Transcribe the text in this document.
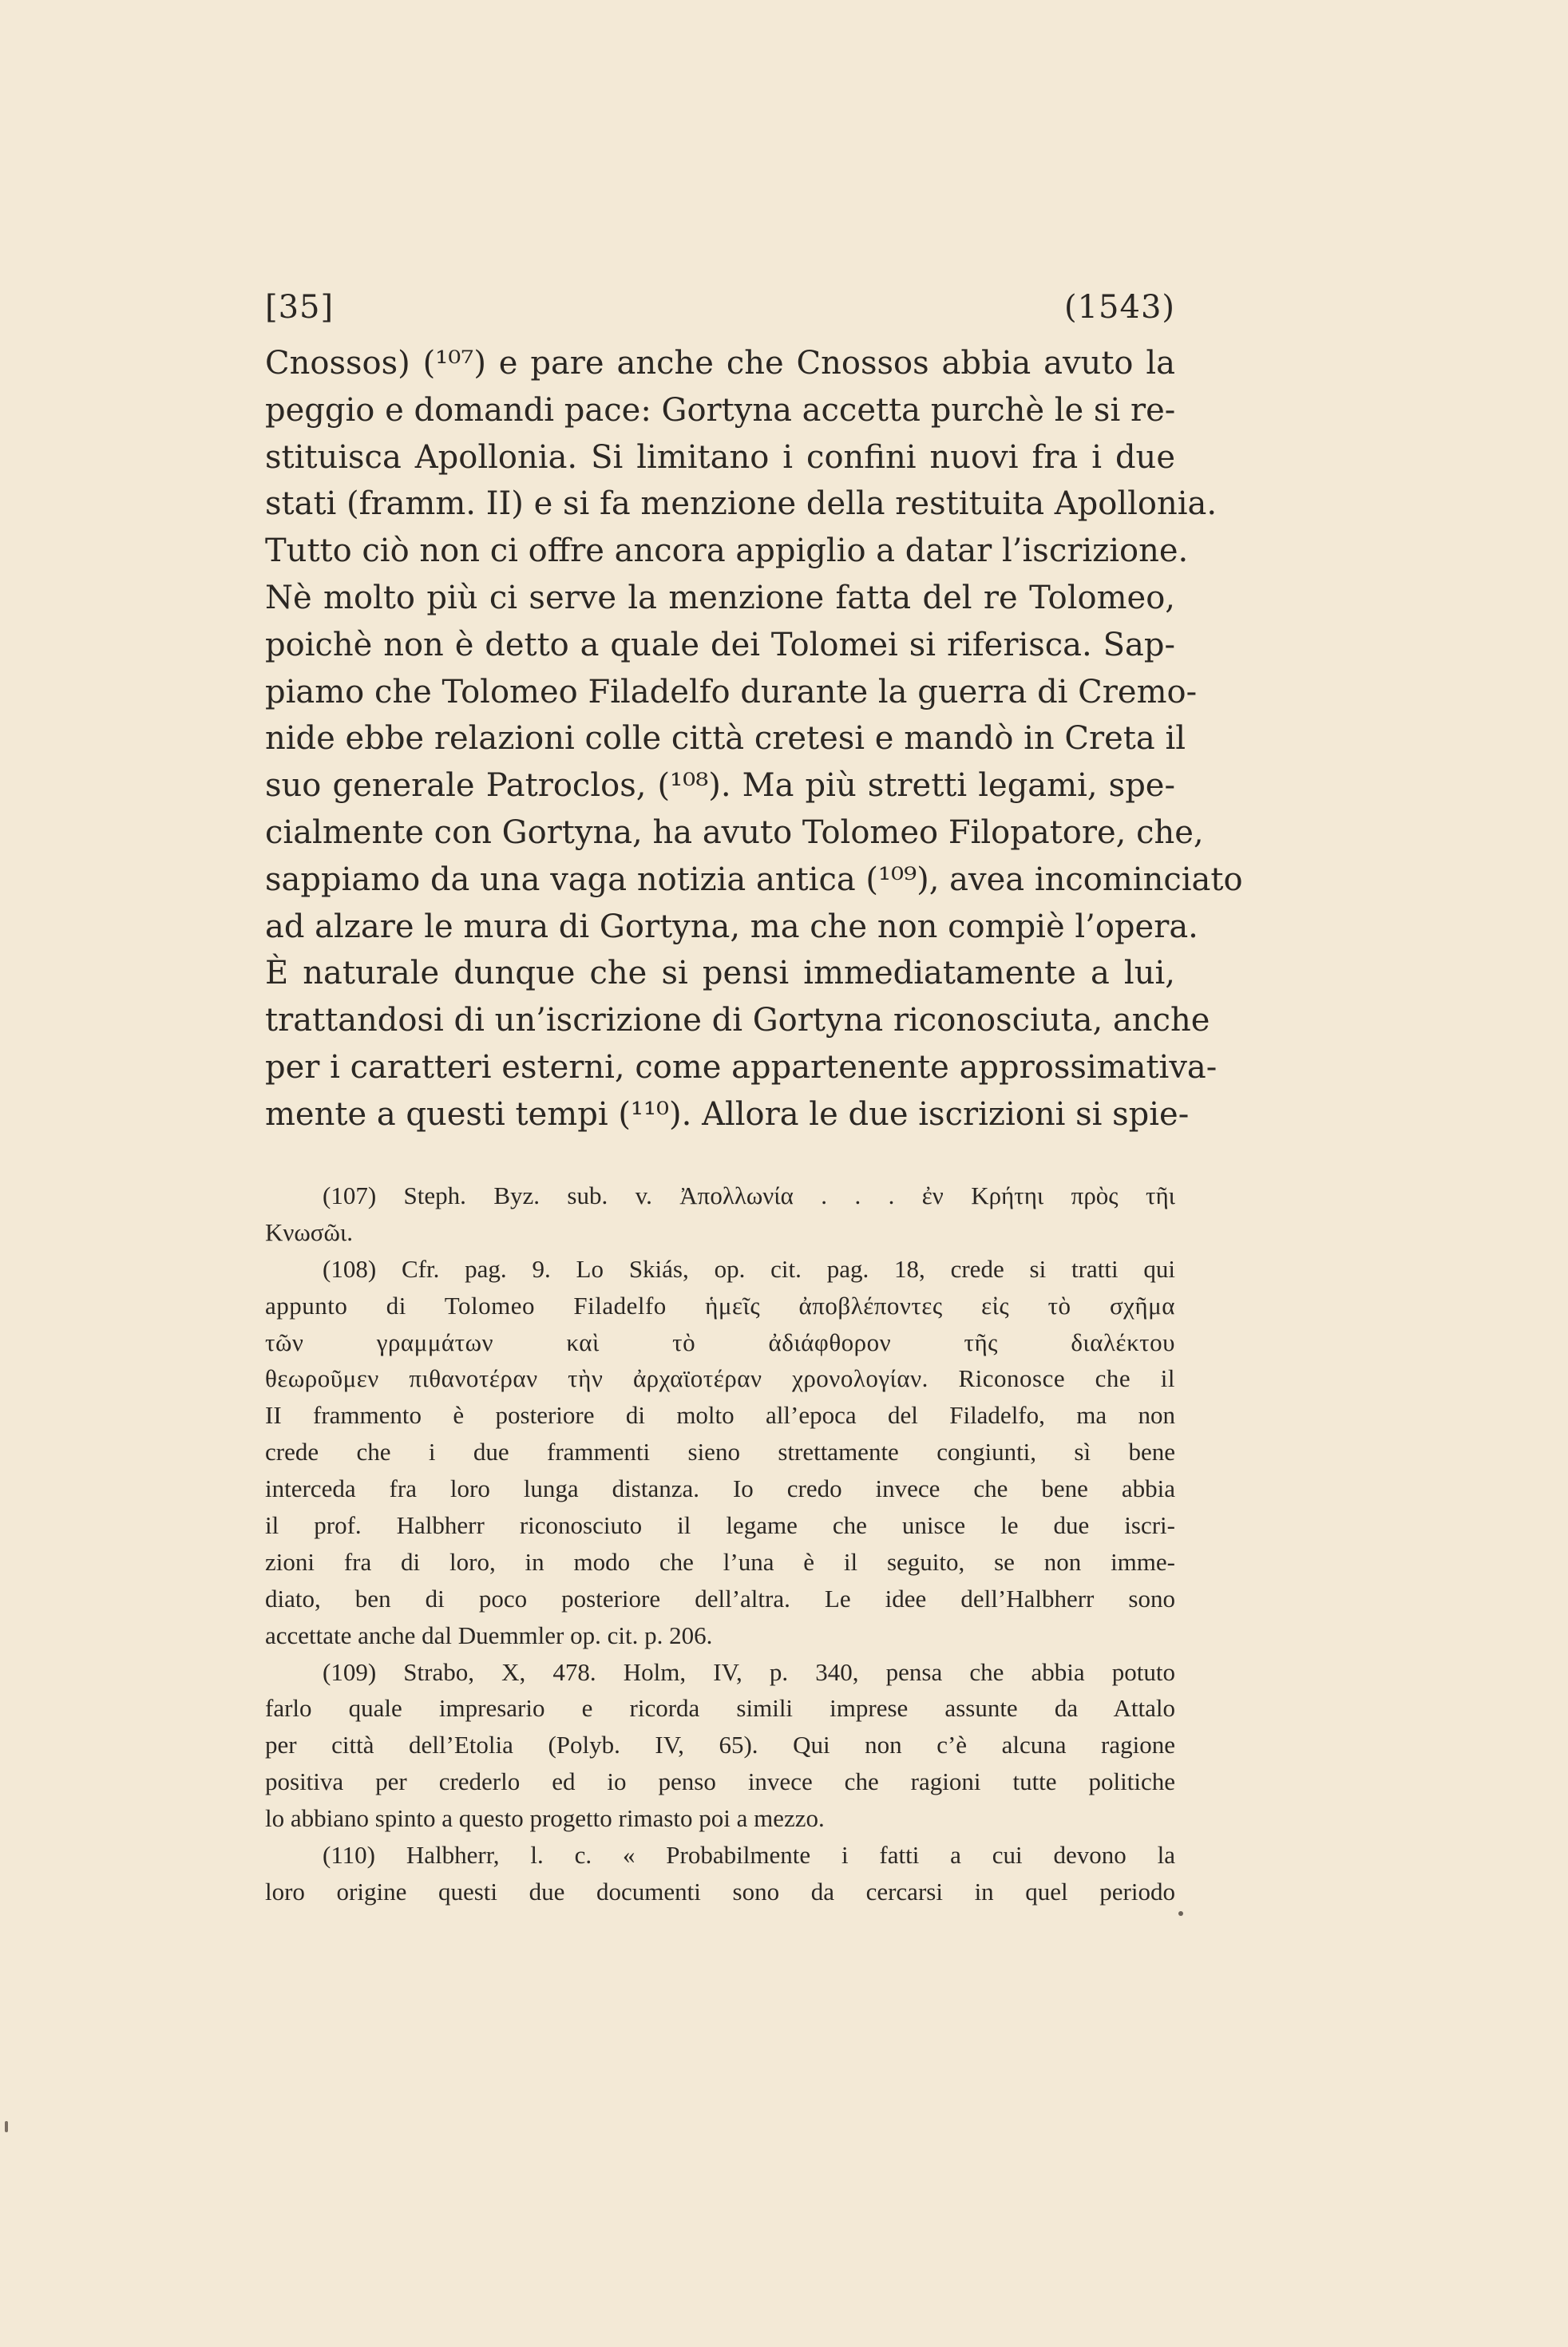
[35]	(1543)
Cnossos) (¹⁰⁷) e pare anche che Cnossos abbia avuto la
peggio e domandi pace: Gortyna accetta purchè le si re-
stituisca Apollonia. Si limitano i confini nuovi fra i due
stati (framm. II) e si fa menzione della restituita Apollonia.
Tutto ciò non ci offre ancora appiglio a datar l’iscrizione.
Nè molto più ci serve la menzione fatta del re Tolomeo,
poichè non è detto a quale dei Tolomei si riferisca. Sap-
piamo che Tolomeo Filadelfo durante la guerra di Cremo-
nide ebbe relazioni colle città cretesi e mandò in Creta il
suo generale Patroclos, (¹⁰⁸). Ma più stretti legami, spe-
cialmente con Gortyna, ha avuto Tolomeo Filopatore, che,
sappiamo da una vaga notizia antica (¹⁰⁹), avea incominciato
ad alzare le mura di Gortyna, ma che non compiè l’opera.
È naturale dunque che si pensi immediatamente a lui,
trattandosi di un’iscrizione di Gortyna riconosciuta, anche
per i caratteri esterni, come appartenente approssimativa-
mente a questi tempi (¹¹⁰). Allora le due iscrizioni si spie-
(107) Steph. Byz. sub. v. Ἀπολλωνία . . . ἐν Κρήτηι πρὸς τῆι
Κνωσῶι.
(108) Cfr. pag. 9. Lo Skiás, op. cit. pag. 18, crede si tratti qui
appunto di Tolomeo Filadelfo ἡμεῖς ἀποβλέποντες εἰς τὸ σχῆμα
τῶν γραμμάτων καὶ τὸ ἀδιάφθορον τῆς διαλέκτου
θεωροῦμεν πιθανοτέραν τὴν ἀρχαϊοτέραν χρονολογίαν. Riconosce che il
II frammento è posteriore di molto all’epoca del Filadelfo, ma non
crede che i due frammenti sieno strettamente congiunti, sì bene
interceda fra loro lunga distanza. Io credo invece che bene abbia
il prof. Halbherr riconosciuto il legame che unisce le due iscri-
zioni fra di loro, in modo che l’una è il seguito, se non imme-
diato, ben di poco posteriore dell’altra. Le idee dell’Halbherr sono
accettate anche dal Duemmler op. cit. p. 206.
(109) Strabo, X, 478. Holm, IV, p. 340, pensa che abbia potuto
farlo quale impresario e ricorda simili imprese assunte da Attalo
per città dell’Etolia (Polyb. IV, 65). Qui non c’è alcuna ragione
positiva per crederlo ed io penso invece che ragioni tutte politiche
lo abbiano spinto a questo progetto rimasto poi a mezzo.
(110) Halbherr, l. c. « Probabilmente i fatti a cui devono la
loro origine questi due documenti sono da cercarsi in quel periodo
